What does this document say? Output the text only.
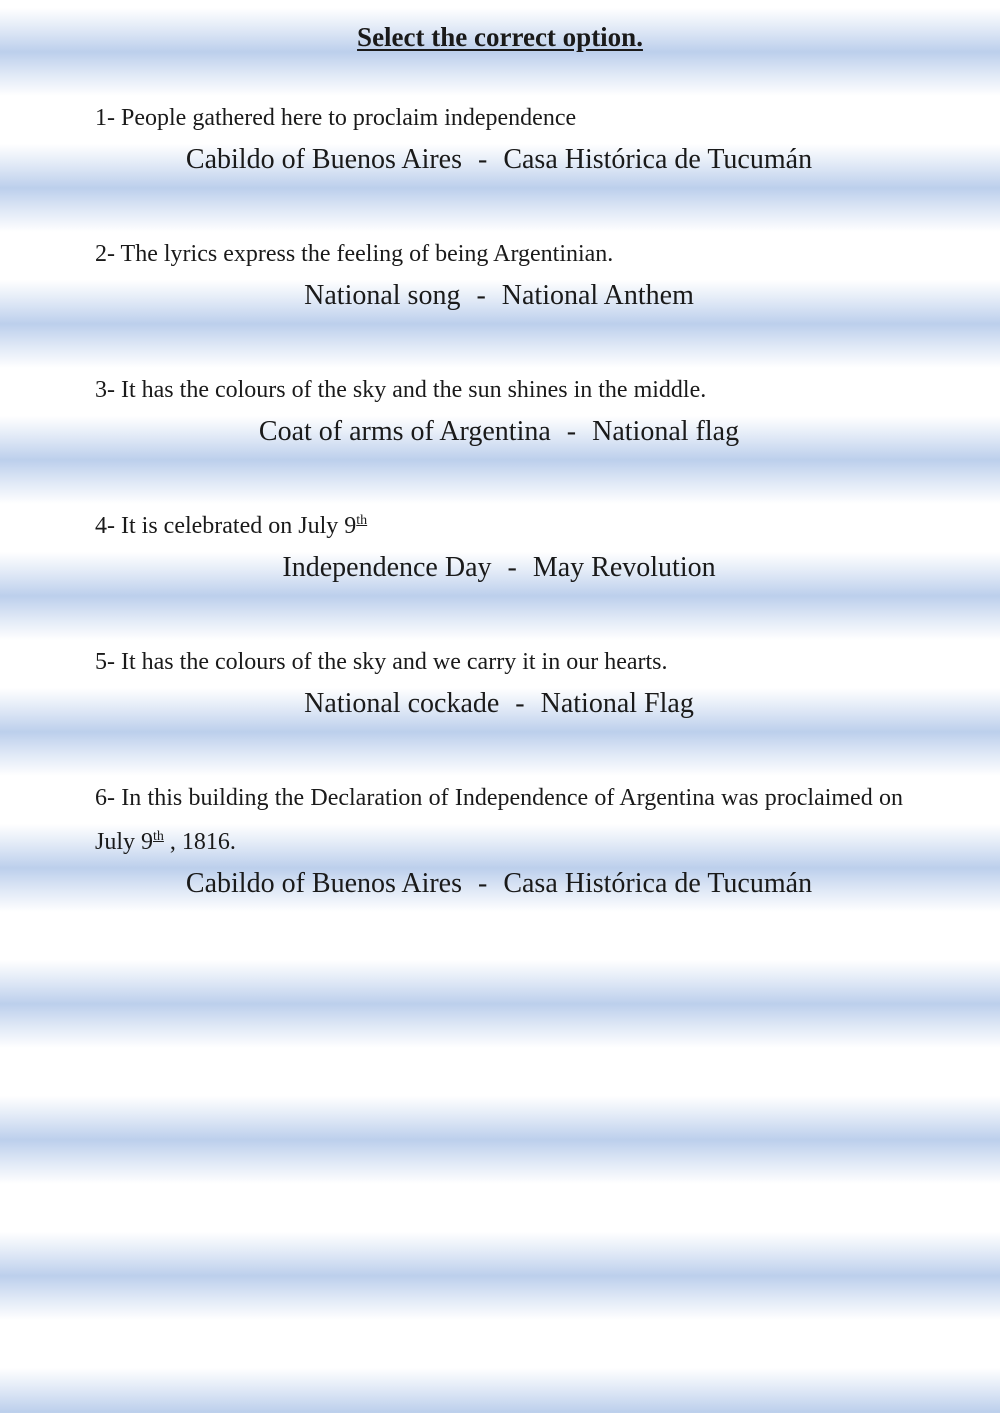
Select the correct option.
1- People gathered here to proclaim independence
Cabildo of Buenos Aires - Casa Histórica de Tucumán
2- The lyrics express the feeling of being Argentinian.
National song - National Anthem
3- It has the colours of the sky and the sun shines in the middle.
Coat of arms of Argentina - National flag
4- It is celebrated on July 9th
Independence Day - May Revolution
5- It has the colours of the sky and we carry it in our hearts.
National cockade - National Flag
6- In this building the Declaration of Independence of Argentina was proclaimed on July 9th , 1816.
Cabildo of Buenos Aires - Casa Histórica de Tucumán
